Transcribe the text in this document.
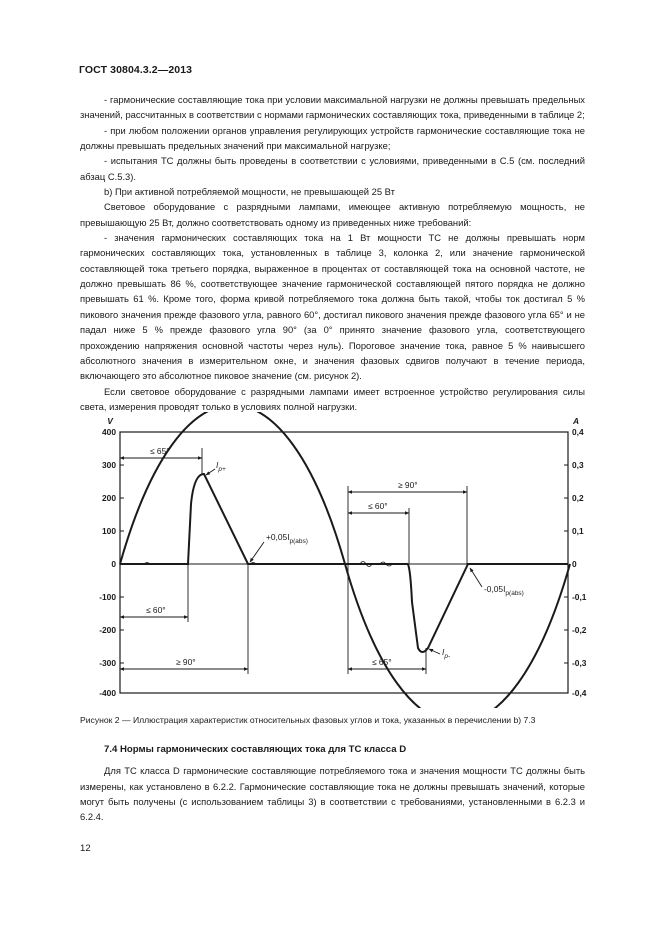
ГОСТ 30804.3.2—2013

- гармонические составляющие тока при условии максимальной нагрузки не должны превышать предельных значений, рассчитанных в соответствии с нормами гармонических составляющих тока, приведенными в таблице 2;

- при любом положении органов управления регулирующих устройств гармонические составляющие тока не должны превышать предельных значений при максимальной нагрузке;

- испытания ТС должны быть проведены в соответствии с условиями, приведенными в С.5 (см. последний абзац С.5.3).

b) При активной потребляемой мощности, не превышающей 25 Вт

Световое оборудование с разрядными лампами, имеющее активную потребляемую мощность, не превышающую 25 Вт, должно соответствовать одному из приведенных ниже требований:

- значения гармонических составляющих тока на 1 Вт мощности ТС не должны превышать норм гармонических составляющих тока, установленных в таблице 3, колонка 2, или значение гармонической составляющей тока третьего порядка, выраженное в процентах от составляющей тока на основной частоте, не должно превышать 86 %, соответствующее значение гармонической составляющей пятого порядка не должно превышать 61 %. Кроме того, форма кривой потребляемого тока должна быть такой, чтобы ток достигал 5 % пикового значения прежде фазового угла, равного 60°, достигал пикового значения прежде фазового угла 65° и не падал ниже 5 % прежде фазового угла 90° (за 0° принято значение фазового угла, соответствующего прохождению напряжения основной частоты через нуль). Пороговое значение тока, равное 5 % наивысшего абсолютного значения в измерительном окне, и значения фазовых сдвигов получают в течение периода, включающего это абсолютное пиковое значение (см. рисунок 2).

Если световое оборудование с разрядными лампами имеет встроенное устройство регулирования силы света, измерения проводят только в условиях полной нагрузки.

V	A
400
300
200
100
0
-100
-200
-300
-400
0,4
0,3
0,2
0,1
0
-0,1
-0,2
-0,3
-0,4
≤ 65°
≤ 60°
≥ 90°
≥ 90°
≤ 60°
≤ 65°
$I_{p+}$
$I_{p-}$
$+0,05I_{p(abs)}$
$-0,05I_{p(abs)}$
Рисунок 2 — Иллюстрация характеристик относительных фазовых углов и тока, указанных в перечислении b) 7.3
7.4 Нормы гармонических составляющих тока для ТС класса D

Для ТС класса D гармонические составляющие потребляемого тока и значения мощности ТС должны быть измерены, как установлено в 6.2.2. Гармонические составляющие тока не должны превышать значений, которые могут быть получены (с использованием таблицы 3) в соответствии с требованиями, установленными в 6.2.3 и 6.2.4.

12
